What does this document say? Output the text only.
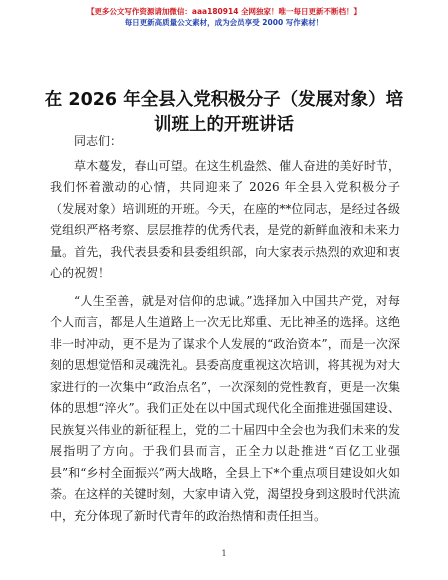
【更多公文写作资源请加微信：aaa180914 全网独家！唯一每日更新不断档！】
每日更新高质量公文素材，成为会员享受 2000 写作素材！
在 2026 年全县入党积极分子（发展对象）培训班上的开班讲话

同志们：

草木蔓发，春山可望。在这生机盎然、催人奋进的美好时节，我们怀着激动的心情，共同迎来了 2026 年全县入党积极分子（发展对象）培训班的开班。今天，在座的**位同志，是经过各级党组织严格考察、层层推荐的优秀代表，是党的新鲜血液和未来力量。首先，我代表县委和县委组织部，向大家表示热烈的欢迎和衷心的祝贺！

“人生至善，就是对信仰的忠诚。”选择加入中国共产党，对每个人而言，都是人生道路上一次无比郑重、无比神圣的选择。这绝非一时冲动，更不是为了谋求个人发展的“政治资本”，而是一次深刻的思想觉悟和灵魂洗礼。县委高度重视这次培训，将其视为对大家进行的一次集中“政治点名”，一次深刻的党性教育，更是一次集体的思想“淬火”。我们正处在以中国式现代化全面推进强国建设、民族复兴伟业的新征程上，党的二十届四中全会也为我们未来的发展指明了方向。于我们县而言，正全力以赴推进“百亿工业强县”和“乡村全面振兴”两大战略，全县上下*个重点项目建设如火如荼。在这样的关键时刻，大家申请入党，渴望投身到这股时代洪流中，充分体现了新时代青年的政治热情和责任担当。

1
